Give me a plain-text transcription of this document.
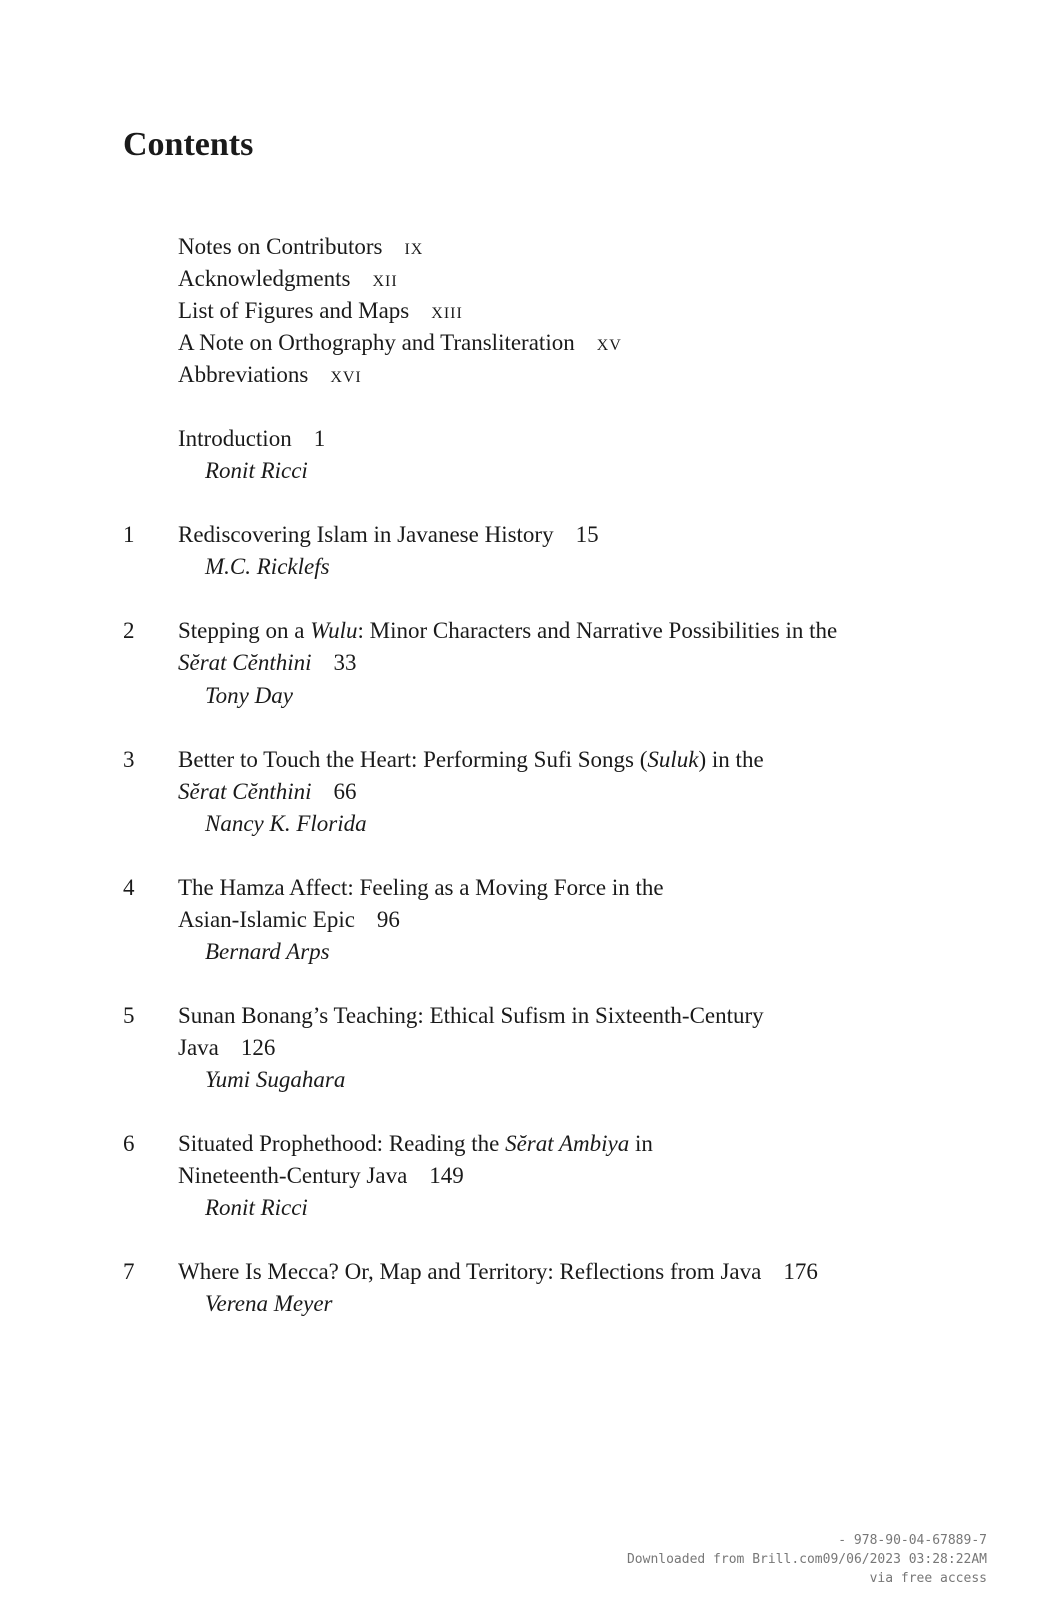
Contents
Notes on Contributors ix
Acknowledgments xii
List of Figures and Maps xiii
A Note on Orthography and Transliteration xv
Abbreviations xvi
Introduction 1
Ronit Ricci
1 Rediscovering Islam in Javanese History 15
M.C. Ricklefs
2 Stepping on a Wulu: Minor Characters and Narrative Possibilities in the
Sĕrat Cĕnthini 33
Tony Day
3 Better to Touch the Heart: Performing Sufi Songs (Suluk) in the
Sĕrat Cĕnthini 66
Nancy K. Florida
4 The Hamza Affect: Feeling as a Moving Force in the
Asian-Islamic Epic 96
Bernard Arps
5 Sunan Bonang’s Teaching: Ethical Sufism in Sixteenth-Century
Java 126
Yumi Sugahara
6 Situated Prophethood: Reading the Sĕrat Ambiya in
Nineteenth-Century Java 149
Ronit Ricci
7 Where Is Mecca? Or, Map and Territory: Reflections from Java 176
Verena Meyer
- 978-90-04-67889-7
Downloaded from Brill.com09/06/2023 03:28:22AM
via free access
